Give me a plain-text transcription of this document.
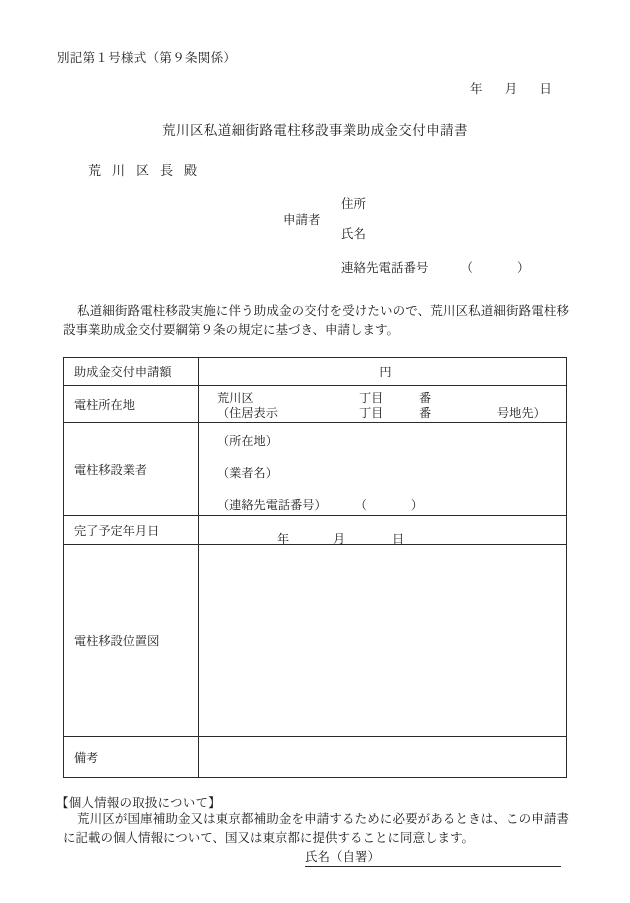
別記第１号様式（第９条関係）
年 月 日
荒川区私道細街路電柱移設事業助成金交付申請書
荒川区長殿
申請者
住所
氏名
連絡先電話番号	（	）
私道細街路電柱移設実施に伴う助成金の交付を受けたいので、荒川区私道細街路電柱移設事業助成金交付要綱第９条の規定に基づき、申請します。
助成金交付申請額	円

電柱所在地	荒川区	丁目	番
（住居表示	丁目	番	号地先）

電柱移設業者	（所在地）
（業者名）
（連絡先電話番号） （ ）

完了予定年月日	年 月 日

電柱移設位置図	
備考	
【個人情報の取扱について】
荒川区が国庫補助金又は東京都補助金を申請するために必要があるときは、この申請書に記載の個人情報について、国又は東京都に提供することに同意します。
氏名（自署）
